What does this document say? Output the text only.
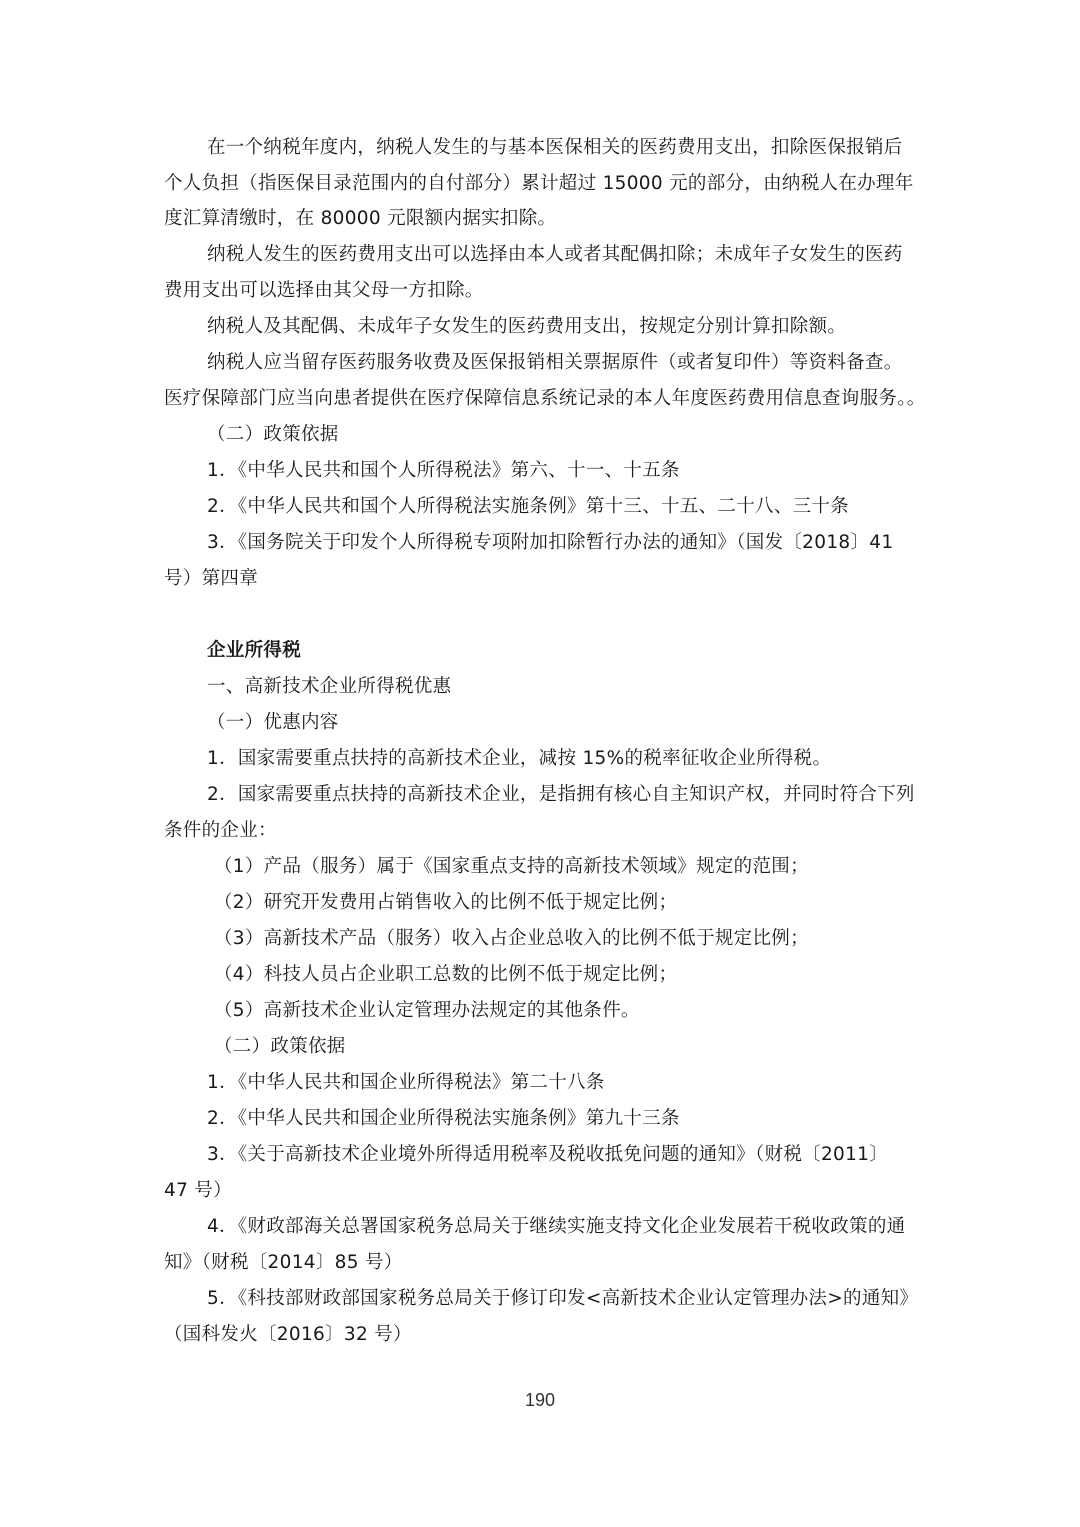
在一个纳税年度内，纳税人发生的与基本医保相关的医药费用支出，扣除医保报销后
个人负担（指医保目录范围内的自付部分）累计超过 15000 元的部分，由纳税人在办理年
度汇算清缴时，在 80000 元限额内据实扣除。
纳税人发生的医药费用支出可以选择由本人或者其配偶扣除；未成年子女发生的医药
费用支出可以选择由其父母一方扣除。
纳税人及其配偶、未成年子女发生的医药费用支出，按规定分别计算扣除额。
纳税人应当留存医药服务收费及医保报销相关票据原件（或者复印件）等资料备查。
医疗保障部门应当向患者提供在医疗保障信息系统记录的本人年度医药费用信息查询服务。。
（二）政策依据
1．《中华人民共和国个人所得税法》第六、十一、十五条
2．《中华人民共和国个人所得税法实施条例》第十三、十五、二十八、三十条
3．《国务院关于印发个人所得税专项附加扣除暂行办法的通知》（国发〔2018〕41
号）第四章
企业所得税
一、高新技术企业所得税优惠
（一）优惠内容
1．国家需要重点扶持的高新技术企业，减按 15%的税率征收企业所得税。
2．国家需要重点扶持的高新技术企业，是指拥有核心自主知识产权，并同时符合下列
条件的企业：
（1）产品（服务）属于《国家重点支持的高新技术领域》规定的范围；
（2）研究开发费用占销售收入的比例不低于规定比例；
（3）高新技术产品（服务）收入占企业总收入的比例不低于规定比例；
（4）科技人员占企业职工总数的比例不低于规定比例；
（5）高新技术企业认定管理办法规定的其他条件。
（二）政策依据
1．《中华人民共和国企业所得税法》第二十八条
2．《中华人民共和国企业所得税法实施条例》第九十三条
3．《关于高新技术企业境外所得适用税率及税收抵免问题的通知》（财税〔2011〕
47 号）
4．《财政部海关总署国家税务总局关于继续实施支持文化企业发展若干税收政策的通
知》（财税〔2014〕85 号）
5．《科技部财政部国家税务总局关于修订印发<高新技术企业认定管理办法>的通知》
（国科发火〔2016〕32 号）
190
